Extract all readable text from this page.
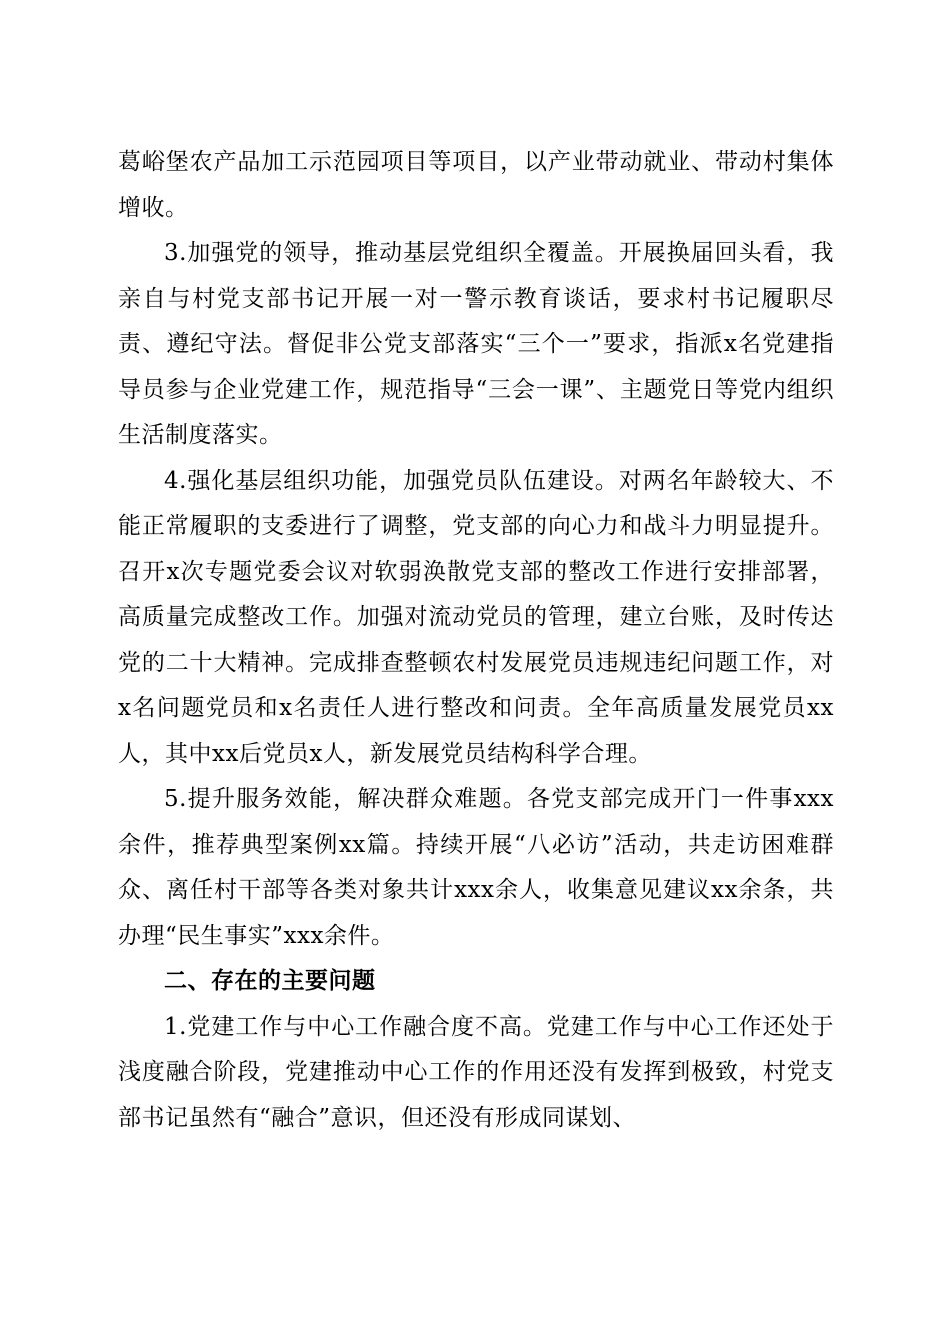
葛峪堡农产品加工示范园项目等项目，以产业带动就业、带动村集体增收。

3.加强党的领导，推动基层党组织全覆盖。开展换届回头看，我亲自与村党支部书记开展一对一警示教育谈话，要求村书记履职尽责、遵纪守法。督促非公党支部落实“三个一”要求，指派x名党建指导员参与企业党建工作，规范指导“三会一课”、主题党日等党内组织生活制度落实。

4.强化基层组织功能，加强党员队伍建设。对两名年龄较大、不能正常履职的支委进行了调整，党支部的向心力和战斗力明显提升。召开x次专题党委会议对软弱涣散党支部的整改工作进行安排部署，高质量完成整改工作。加强对流动党员的管理，建立台账，及时传达党的二十大精神。完成排查整顿农村发展党员违规违纪问题工作，对x名问题党员和x名责任人进行整改和问责。全年高质量发展党员xx人，其中xx后党员x人，新发展党员结构科学合理。

5.提升服务效能，解决群众难题。各党支部完成开门一件事xxx余件，推荐典型案例xx篇。持续开展“八必访”活动，共走访困难群众、离任村干部等各类对象共计xxx余人，收集意见建议xx余条，共办理“民生事实”xxx余件。

二、存在的主要问题

1.党建工作与中心工作融合度不高。党建工作与中心工作还处于浅度融合阶段，党建推动中心工作的作用还没有发挥到极致，村党支部书记虽然有“融合”意识，但还没有形成同谋划、
